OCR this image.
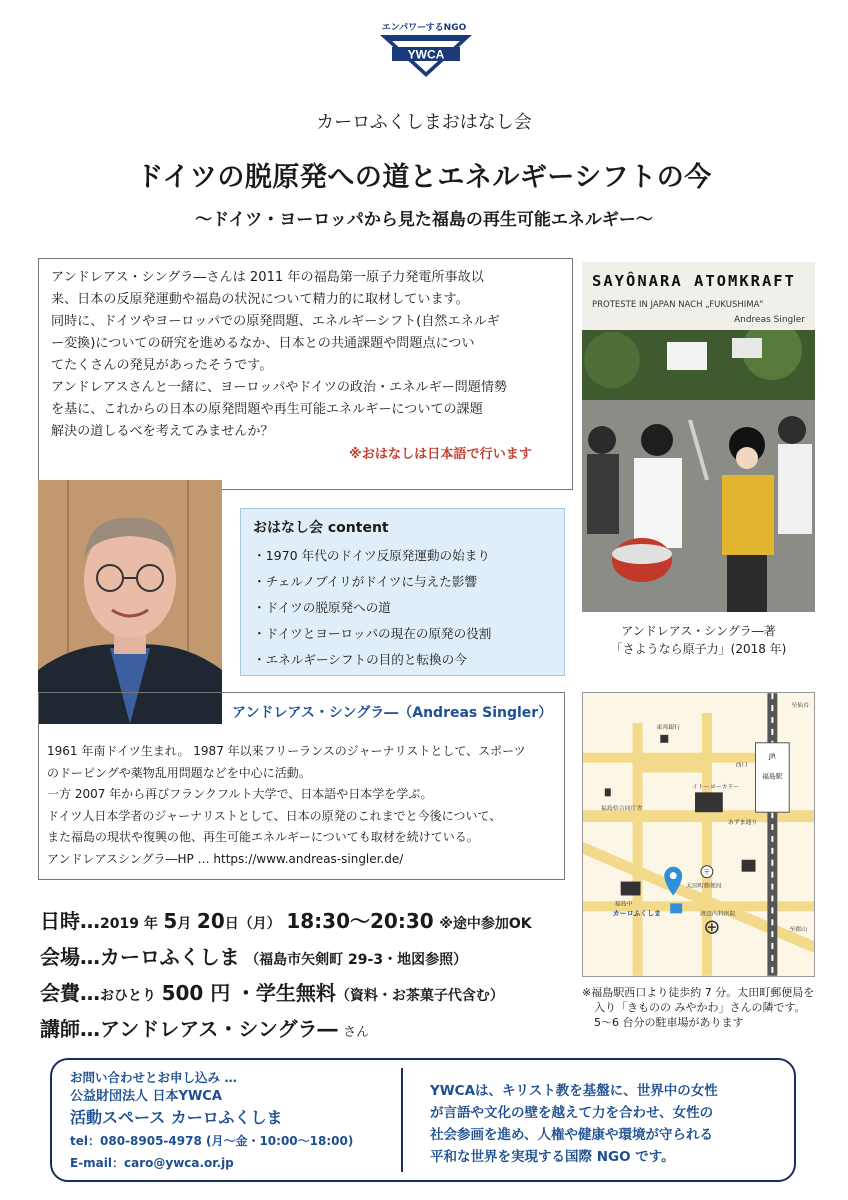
エンパワーするNGO
YWCA
カーロふくしまおはなし会
ドイツの脱原発への道とエネルギーシフトの今
〜ドイツ・ヨーロッパから見た福島の再生可能エネルギー〜
アンドレアス・シングラ―さんは 2011 年の福島第一原子力発電所事故以
来、日本の反原発運動や福島の状況について精力的に取材しています。
同時に、ドイツやヨーロッパでの原発問題、エネルギーシフト(自然エネルギ
ー変換)についての研究を進めるなか、日本との共通課題や問題点につい
てたくさんの発見があったそうです。
アンドレアスさんと一緒に、ヨーロッパやドイツの政治・エネルギー問題情勢
を基に、これからの日本の原発問題や再生可能エネルギーについての課題
解決の道しるべを考えてみませんか？
※おはなしは日本語で行います
SAYÔNARA ATOMKRAFT
PROTESTE IN JAPAN NACH „FUKUSHIMA"
Andreas Singler
アンドレアス・シングラ―著
「さようなら原子力」(2018 年)
おはなし会 content
・1970 年代のドイツ反原発運動の始まり
・チェルノブイリがドイツに与えた影響
・ドイツの脱原発への道
・ドイツとヨーロッパの現在の原発の役割
・エネルギーシフトの目的と転換の今
1961 年南ドイツ生まれ。 1987 年以来フリーランスのジャーナリストとして、スポーツ
のドーピングや薬物乱用問題などを中心に活動。
一方 2007 年から再びフランクフルト大学で、日本語や日本学を学ぶ。
ドイツ人日本学者のジャーナリストとして、日本の原発のこれまでと今後について、
また福島の現状や復興の他、再生可能エネルギーについても取材を続けている。
アンドレアスシングラ―HP … https://www.andreas-singler.de/
アンドレアス・シングラ―（Andreas Singler）
JR
福島駅
至仙台
至郡山
西口
東邦銀行
イトーヨーカドー
福島県合同庁舎
あずま通り
〒
太田町郵便局
福島中
渡辺内科医院
カーロふくしま
※福島駅西口より徒歩約 7 分。太田町郵便局を
入り「きものの みやかわ」さんの隣です。
5〜6 台分の駐車場があります
日時…2019 年 5月 20日（月） 18:30〜20:30 ※途中参加OK
会場…カーロふくしま （福島市矢剣町 29-3・地図参照）
会費…おひとり 500 円 ・学生無料（資料・お茶菓子代含む）
講師…アンドレアス・シングラ― さん
お問い合わせとお申し込み …
公益財団法人 日本YWCA
活動スペース カーロふくしま
tel：080-8905-4978 (月〜金・10:00〜18:00)
E-mail：caro@ywca.or.jp
YWCAは、キリスト教を基盤に、世界中の女性
が言語や文化の壁を越えて力を合わせ、女性の
社会参画を進め、人権や健康や環境が守られる
平和な世界を実現する国際 NGO です。
